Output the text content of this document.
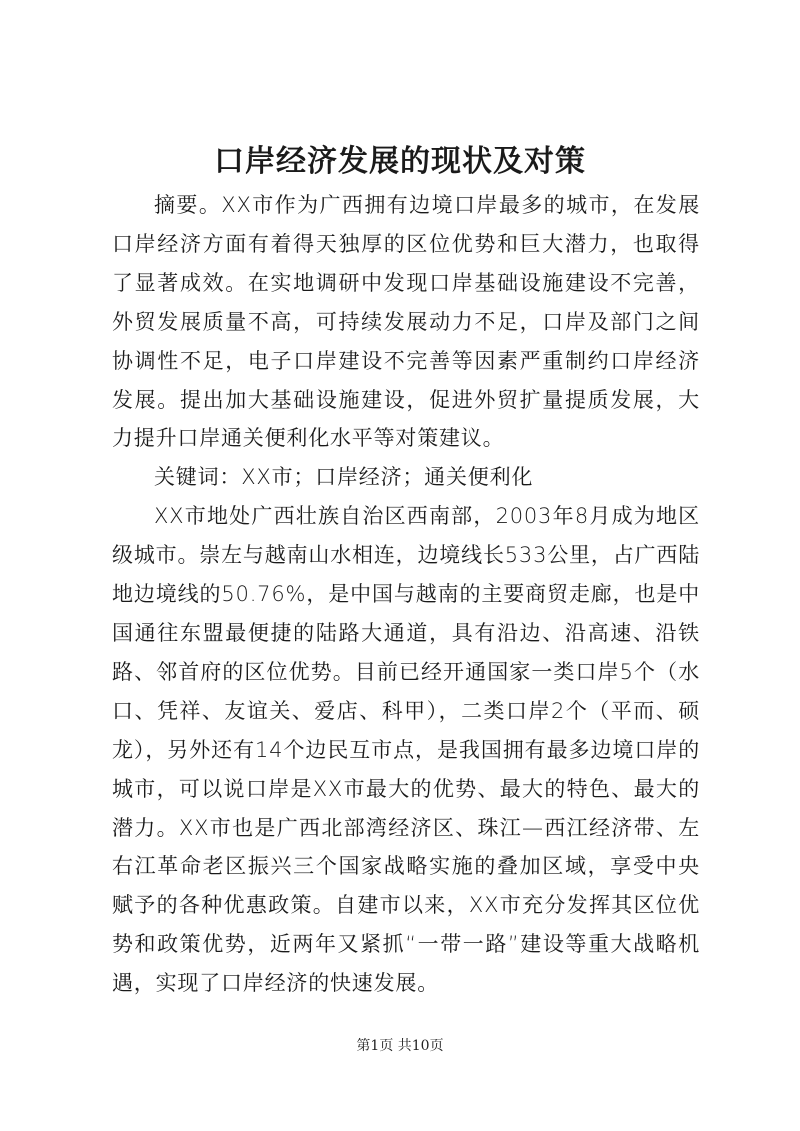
口岸经济发展的现状及对策

摘要。XX市作为广西拥有边境口岸最多的城市，在发展口岸经济方面有着得天独厚的区位优势和巨大潜力，也取得了显著成效。在实地调研中发现口岸基础设施建设不完善，外贸发展质量不高，可持续发展动力不足，口岸及部门之间协调性不足，电子口岸建设不完善等因素严重制约口岸经济发展。提出加大基础设施建设，促进外贸扩量提质发展，大力提升口岸通关便利化水平等对策建议。

关键词：XX市；口岸经济；通关便利化

XX市地处广西壮族自治区西南部，2003年8月成为地区级城市。崇左与越南山水相连，边境线长533公里，占广西陆地边境线的50.76%，是中国与越南的主要商贸走廊，也是中国通往东盟最便捷的陆路大通道，具有沿边、沿高速、沿铁路、邻首府的区位优势。目前已经开通国家一类口岸5个（水口、凭祥、友谊关、爱店、科甲），二类口岸2个（平而、硕龙），另外还有14个边民互市点，是我国拥有最多边境口岸的城市，可以说口岸是XX市最大的优势、最大的特色、最大的潜力。XX市也是广西北部湾经济区、珠江—西江经济带、左右江革命老区振兴三个国家战略实施的叠加区域，享受中央赋予的各种优惠政策。自建市以来，XX市充分发挥其区位优势和政策优势，近两年又紧抓“一带一路”建设等重大战略机遇，实现了口岸经济的快速发展。

第1页 共10页
